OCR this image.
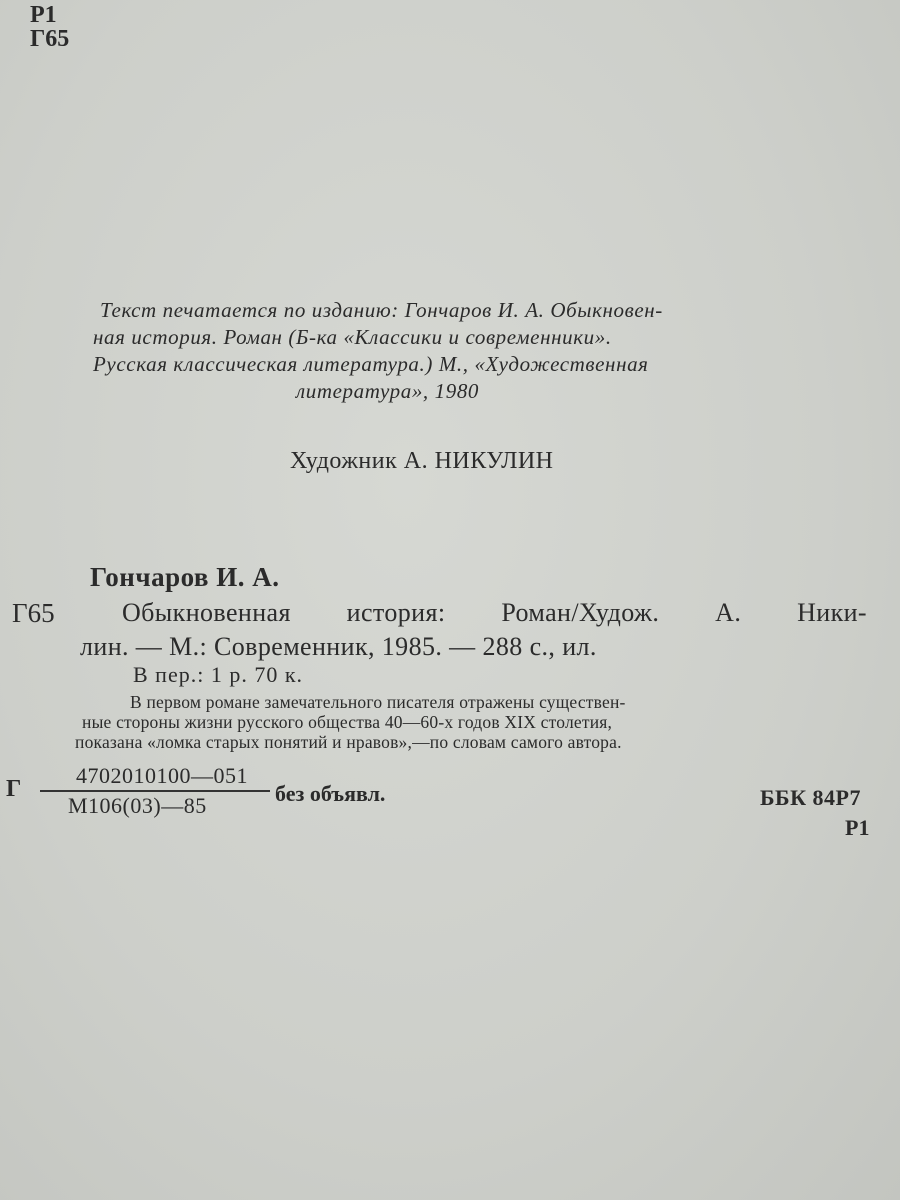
Р1
Г65
Текст печатается по изданию: Гончаров И. А. Обыкновен-
ная история. Роман (Б-ка «Классики и современники».
Русская классическая литература.) М., «Художественная
литература», 1980
Художник А. НИКУЛИН
Гончаров И. А.
Г65	Обыкновенная история: Роман/Худож. А. Ники-
лин. — М.: Современник, 1985. — 288 с., ил.
В пер.: 1 р. 70 к.
В первом романе замечательного писателя отражены существен-
ные стороны жизни русского общества 40—60-х годов XIX столетия,
показана «ломка старых понятий и нравов»,—по словам самого автора.
Г
4702010100—051
М106(03)—85	без объявл.	ББК 84Р7
Р1
